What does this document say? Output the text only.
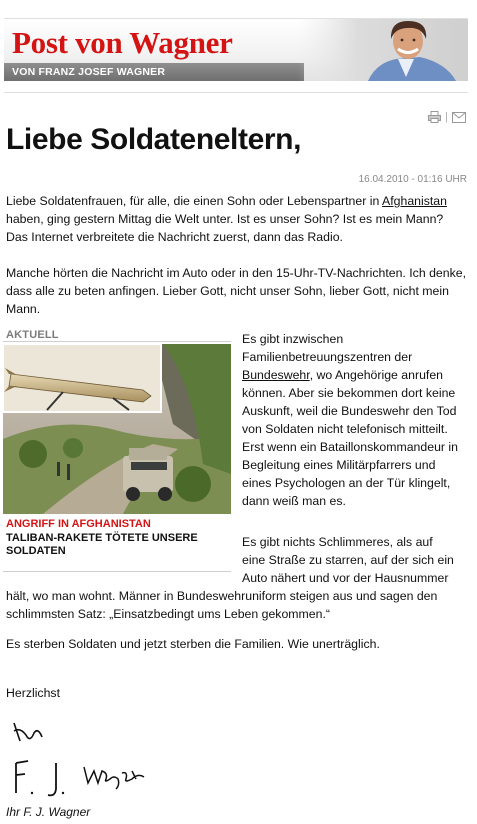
Post von Wagner
VON FRANZ JOSEF WAGNER
|
Liebe Soldateneltern,
16.04.2010 - 01:16 UHR

Liebe Soldatenfrauen, für alle, die einen Sohn oder Lebenspartner in Afghanistan haben, ging gestern Mittag die Welt unter. Ist es unser Sohn? Ist es mein Mann? Das Internet verbreitete die Nachricht zuerst, dann das Radio.

Manche hörten die Nachricht im Auto oder in den 15-Uhr-TV-Nachrichten. Ich denke, dass alle zu beten anfingen. Lieber Gott, nicht unser Sohn, lieber Gott, nicht mein Mann.

AKTUELL
ANGRIFF IN AFGHANISTAN
TALIBAN-RAKETE TÖTETE UNSERE SOLDATEN

Es gibt inzwischen Familienbetreuungszentren der Bundeswehr, wo Angehörige anrufen können. Aber sie bekommen dort keine Auskunft, weil die Bundeswehr den Tod von Soldaten nicht telefonisch mitteilt. Erst wenn ein Bataillonskommandeur in Begleitung eines Militärpfarrers und eines Psychologen an der Tür klingelt, dann weiß man es.

Es gibt nichts Schlimmeres, als auf
eine Straße zu starren, auf der sich ein
Auto nähert und vor der Hausnummer
hält, wo man wohnt. Männer in Bundeswehruniform steigen aus und sagen den schlimmsten Satz: „Einsatzbedingt ums Leben gekommen.“

Es sterben Soldaten und jetzt sterben die Familien. Wie unerträglich.

Herzlichst
Ihr F. J. Wagner
